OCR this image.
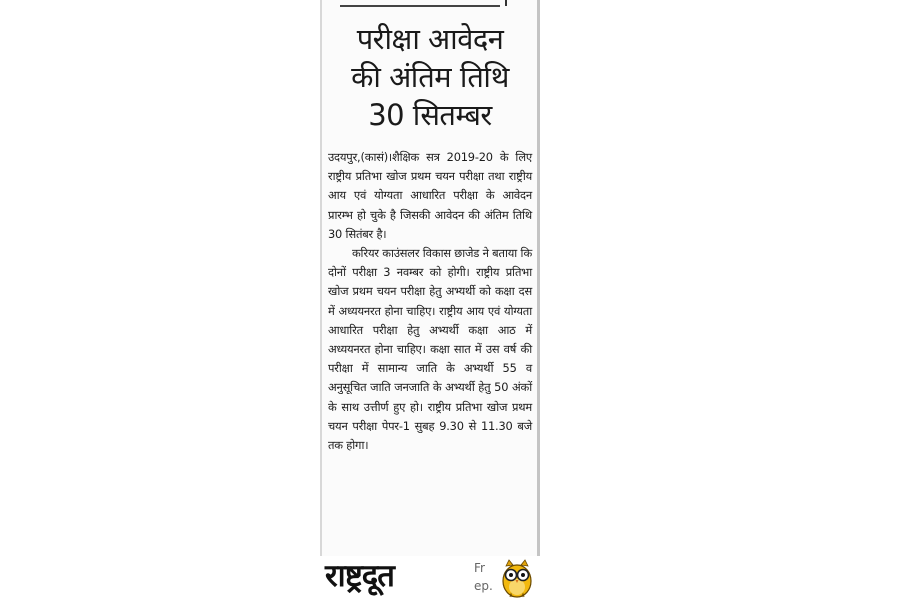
परीक्षा आवेदन
की अंतिम तिथि
30 सितम्बर

उदयपुर,(कासं)।शैक्षिक सत्र 2019-20 के लिए राष्ट्रीय प्रतिभा खोज प्रथम चयन परीक्षा तथा राष्ट्रीय आय एवं योग्यता आधारित परीक्षा के आवेदन प्रारम्भ हो चुके है जिसकी आवेदन की अंतिम तिथि 30 सितंबर है।

करियर काउंसलर विकास छाजेड ने बताया कि दोनों परीक्षा 3 नवम्बर को होगी। राष्ट्रीय प्रतिभा खोज प्रथम चयन परीक्षा हेतु अभ्यर्थी को कक्षा दस में अध्ययनरत होना चाहिए। राष्ट्रीय आय एवं योग्यता आधारित परीक्षा हेतु अभ्यर्थी कक्षा आठ में अध्ययनरत होना चाहिए। कक्षा सात में उस वर्ष की परीक्षा में सामान्य जाति के अभ्यर्थी 55 व अनुसूचित जाति जनजाति के अभ्यर्थी हेतु 50 अंकों के साथ उत्तीर्ण हुए हो। राष्ट्रीय प्रतिभा खोज प्रथम चयन परीक्षा पेपर-1 सुबह 9.30 से 11.30 बजे तक होगा।

राष्ट्रदूत	Fr
ep.
